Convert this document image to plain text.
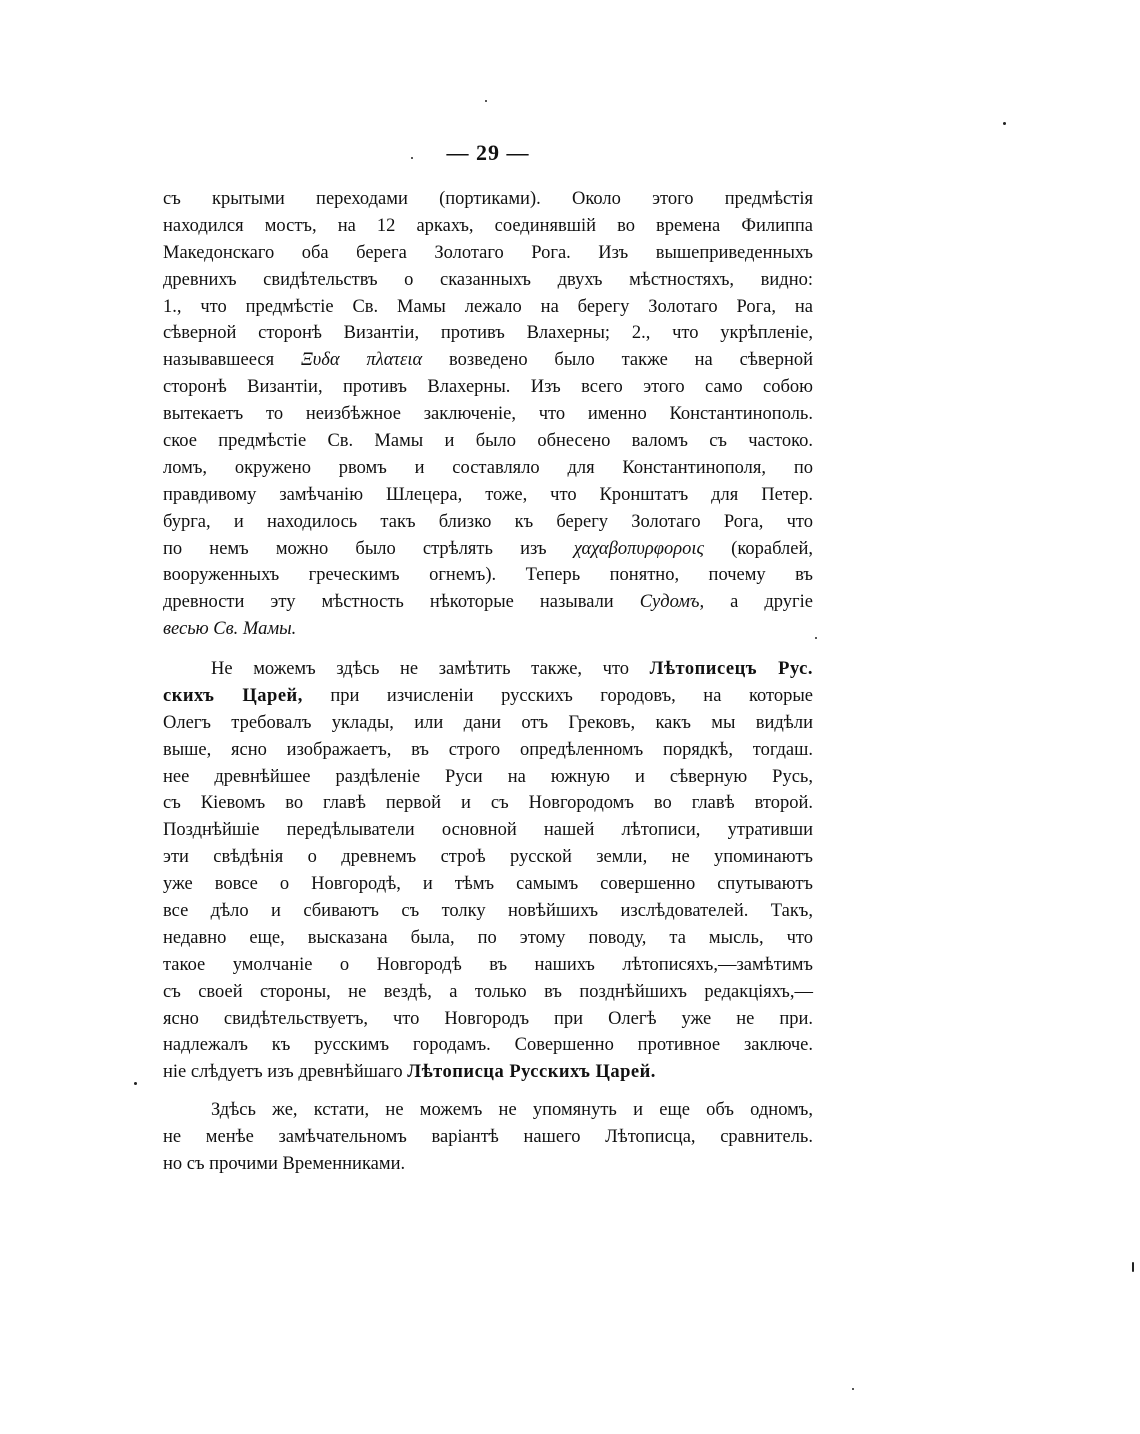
— 29 —
съ крытыми переходами (портиками). Около этого предмѣстія
находился мостъ, на 12 аркахъ, соединявшій во времена Филиппа
Македонскаго оба берега Золотаго Рога. Изъ вышеприведенныхъ
древнихъ свидѣтельствъ о сказанныхъ двухъ мѣстностяхъ, видно:
1., что предмѣстіе Св. Мамы лежало на берегу Золотаго Рога, на
сѣверной сторонѣ Византіи, противъ Влахерны; 2., что укрѣпленіе,
называвшееся Ξυδα πλατεια возведено было также на сѣверной
сторонѣ Византіи, противъ Влахерны. Изъ всего этого само собою
вытекаетъ то неизбѣжное заключеніе, что именно Константинополь.
ское предмѣстіе Св. Мамы и было обнесено валомъ съ частоко.
ломъ, окружено рвомъ и составляло для Константинополя, по
правдивому замѣчанію Шлецера, тоже, что Кронштатъ для Петер.
бурга, и находилось такъ близко къ берегу Золотаго Рога, что
по немъ можно было стрѣлять изъ χαχαβοπυρφοροις (кораблей,
вооруженныхъ греческимъ огнемъ). Теперь понятно, почему въ
древности эту мѣстность нѣкоторые называли Судомъ, а другіе
весью Св. Мамы.
Не можемъ здѣсь не замѣтить также, что Лѣтописецъ Рус.
скихъ Царей, при изчисленіи русскихъ городовъ, на которые
Олегъ требовалъ уклады, или дани отъ Грековъ, какъ мы видѣли
выше, ясно изображаетъ, въ строго опредѣленномъ порядкѣ, тогдаш.
нее древнѣйшее раздѣленіе Руси на южную и сѣверную Русь,
съ Кіевомъ во главѣ первой и съ Новгородомъ во главѣ второй.
Позднѣйшіе передѣлыватели основной нашей лѣтописи, утративши
эти свѣдѣнія о древнемъ строѣ русской земли, не упоминаютъ
уже вовсе о Новгородѣ, и тѣмъ самымъ совершенно спутываютъ
все дѣло и сбиваютъ съ толку новѣйшихъ изслѣдователей. Такъ,
недавно еще, высказана была, по этому поводу, та мысль, что
такое умолчаніе о Новгородѣ въ нашихъ лѣтописяхъ,—замѣтимъ
съ своей стороны, не вездѣ, а только въ позднѣйшихъ редакціяхъ,—
ясно свидѣтельствуетъ, что Новгородъ при Олегѣ уже не при.
надлежалъ къ русскимъ городамъ. Совершенно противное заключе.
ніе слѣдуетъ изъ древнѣйшаго Лѣтописца Русскихъ Царей.
Здѣсь же, кстати, не можемъ не упомянуть и еще объ одномъ,
не менѣе замѣчательномъ варіантѣ нашего Лѣтописца, сравнитель.
но съ прочими Временниками.
